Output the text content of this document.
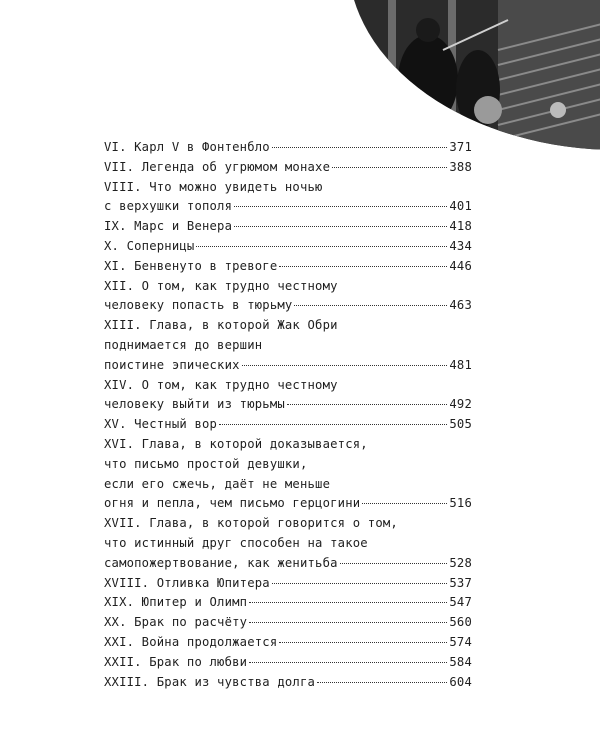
VI. Карл V в Фонтенбло	371
VII. Легенда об угрюмом монахе	388
VIII. Что можно увидеть ночью
с верхушки тополя	401
IX. Марс и Венера	418
X. Соперницы	434
XI. Бенвенуто в тревоге	446
XII. О том, как трудно честному
человеку попасть в тюрьму	463
XIII. Глава, в которой Жак Обри
поднимается до вершин
поистине эпических	481
XIV. О том, как трудно честному
человеку выйти из тюрьмы	492
XV. Честный вор	505
XVI. Глава, в которой доказывается,
что письмо простой девушки,
если его сжечь, даёт не меньше
огня и пепла, чем письмо герцогини	516
XVII. Глава, в которой говорится о том,
что истинный друг способен на такое
самопожертвование, как женитьба	528
XVIII. Отливка Юпитера	537
XIX. Юпитер и Олимп	547
XX. Брак по расчёту	560
XXI. Война продолжается	574
XXII. Брак по любви	584
XXIII. Брак из чувства долга	604
